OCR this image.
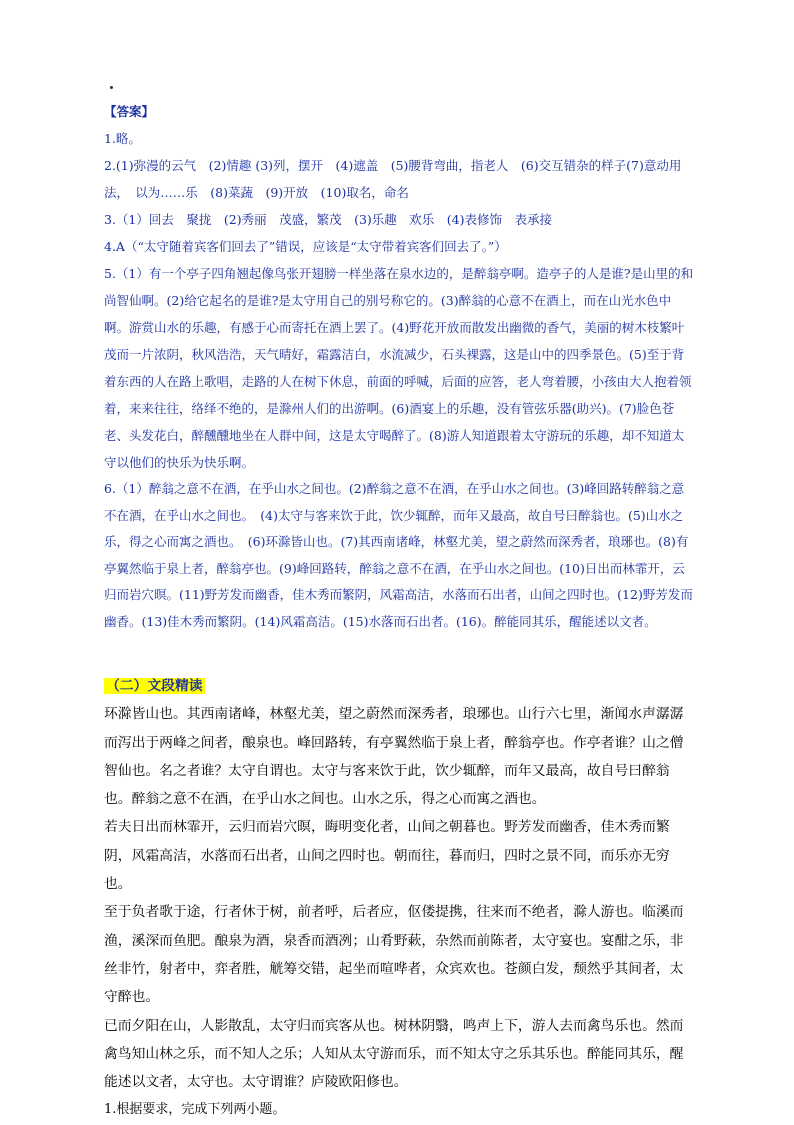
【答案】

1.略。

2.(1)弥漫的云气　(2)情趣 (3)列，摆开　(4)遮盖　(5)腰背弯曲，指老人　(6)交互错杂的样子(7)意动用法，　以为……乐　(8)菜蔬　(9)开放　(10)取名，命名

3.（1）回去　聚拢　(2)秀丽　茂盛，繁茂　(3)乐趣　欢乐　(4)表修饰　表承接

4.A（“太守随着宾客们回去了”错误，应该是“太守带着宾客们回去了。”）

5.（1）有一个亭子四角翘起像鸟张开翅膀一样坐落在泉水边的，是醉翁亭啊。造亭子的人是谁?是山里的和尚智仙啊。(2)给它起名的是谁?是太守用自己的别号称它的。(3)醉翁的心意不在酒上，而在山光水色中啊。游赏山水的乐趣，有感于心而寄托在酒上罢了。(4)野花开放而散发出幽微的香气，美丽的树木枝繁叶茂而一片浓阴，秋风浩浩，天气晴好，霜露洁白，水流减少，石头裸露，这是山中的四季景色。(5)至于背着东西的人在路上歌唱，走路的人在树下休息，前面的呼喊，后面的应答，老人弯着腰，小孩由大人抱着领着，来来往往，络绎不绝的，是滁州人们的出游啊。(6)酒宴上的乐趣，没有管弦乐器(助兴)。(7)脸色苍老、头发花白，醉醺醺地坐在人群中间，这是太守喝醉了。(8)游人知道跟着太守游玩的乐趣，却不知道太守以他们的快乐为快乐啊。

6.（1）醉翁之意不在酒，在乎山水之间也。(2)醉翁之意不在酒，在乎山水之间也。(3)峰回路转醉翁之意不在酒，在乎山水之间也。　(4)太守与客来饮于此，饮少辄醉，而年又最高，故自号曰醉翁也。(5)山水之乐，得之心而寓之酒也。　(6)环滁皆山也。(7)其西南诸峰，林壑尤美，望之蔚然而深秀者，琅琊也。(8)有亭翼然临于泉上者，醉翁亭也。(9)峰回路转，醉翁之意不在酒，在乎山水之间也。(10)日出而林霏开，云归而岩穴暝。(11)野芳发而幽香，佳木秀而繁阴，风霜高洁，水落而石出者，山间之四时也。(12)野芳发而幽香。(13)佳木秀而繁阴。(14)风霜高洁。(15)水落而石出者。(16)。醉能同其乐，醒能述以文者。

（二）文段精读

环滁皆山也。其西南诸峰，林壑尤美，望之蔚然而深秀者，琅琊也。山行六七里，渐闻水声潺潺而泻出于两峰之间者，酿泉也。峰回路转，有亭翼然临于泉上者，醉翁亭也。作亭者谁？山之僧智仙也。名之者谁？太守自谓也。太守与客来饮于此，饮少辄醉，而年又最高，故自号曰醉翁也。醉翁之意不在酒，在乎山水之间也。山水之乐，得之心而寓之酒也。

若夫日出而林霏开，云归而岩穴暝，晦明变化者，山间之朝暮也。野芳发而幽香，佳木秀而繁阴，风霜高洁，水落而石出者，山间之四时也。朝而往，暮而归，四时之景不同，而乐亦无穷也。

至于负者歌于途，行者休于树，前者呼，后者应，伛偻提携，往来而不绝者，滁人游也。临溪而渔，溪深而鱼肥。酿泉为酒，泉香而酒冽；山肴野蔌，杂然而前陈者，太守宴也。宴酣之乐，非丝非竹，射者中，弈者胜，觥筹交错，起坐而喧哗者，众宾欢也。苍颜白发，颓然乎其间者，太守醉也。

已而夕阳在山，人影散乱，太守归而宾客从也。树林阴翳，鸣声上下，游人去而禽鸟乐也。然而禽鸟知山林之乐，而不知人之乐；人知从太守游而乐，而不知太守之乐其乐也。醉能同其乐，醒能述以文者，太守也。太守谓谁？庐陵欧阳修也。

1.根据要求，完成下列两小题。
